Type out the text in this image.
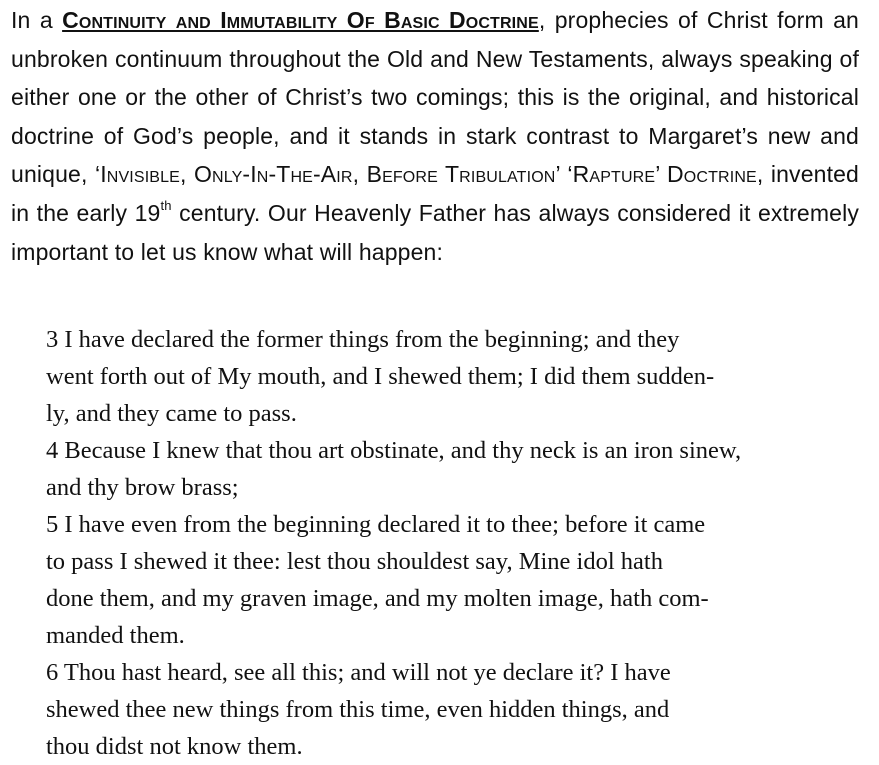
In a Continuity and Immutability Of Basic Doctrine, prophecies of Christ form an unbroken continuum throughout the Old and New Testaments, always speaking of either one or the other of Christ’s two comings; this is the original, and historical doctrine of God’s people, and it stands in stark contrast to Margaret’s new and unique, ‘Invisible, Only-In-The-Air, Before Tribulation’ ‘Rapture’ Doctrine, invented in the early 19th century. Our Heavenly Father has always considered it extremely important to let us know what will happen:

3 I have declared the former things from the beginning; and they
went forth out of My mouth, and I shewed them; I did them sudden-
ly, and they came to pass.
4 Because I knew that thou art obstinate, and thy neck is an iron sinew,
and thy brow brass;
5 I have even from the beginning declared it to thee; before it came
to pass I shewed it thee: lest thou shouldest say, Mine idol hath
done them, and my graven image, and my molten image, hath com-
manded them.
6 Thou hast heard, see all this; and will not ye declare it? I have
shewed thee new things from this time, even hidden things, and
thou didst not know them.
